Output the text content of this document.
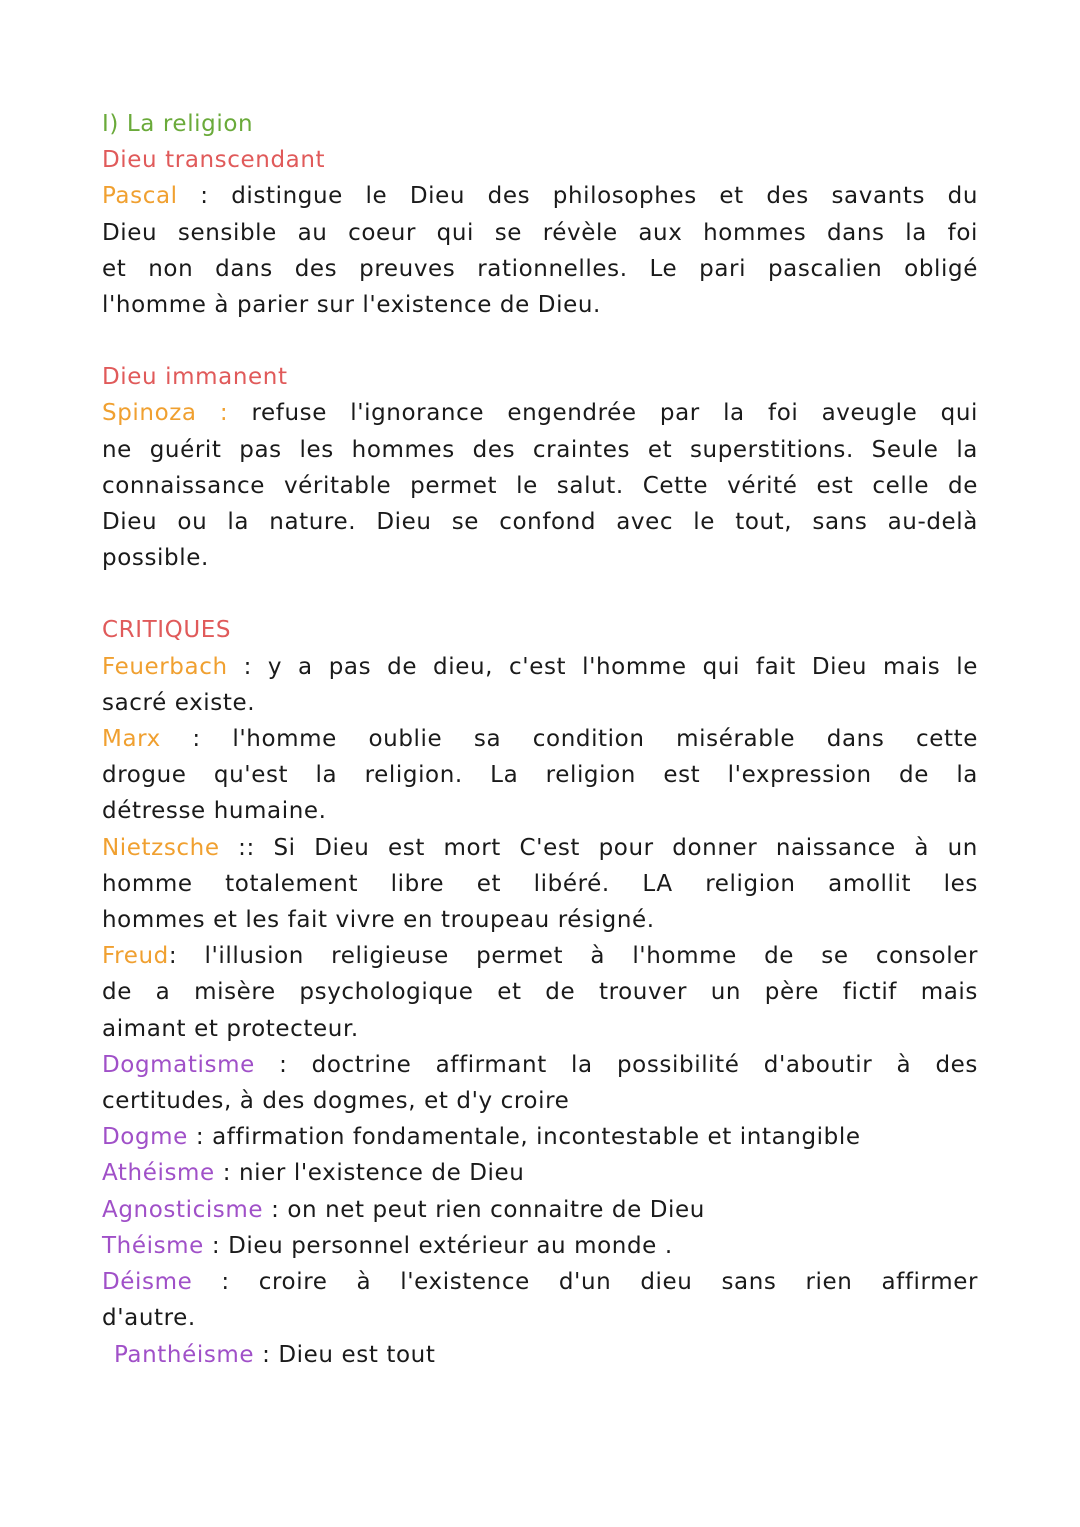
I) La religion
Dieu transcendant
Pascal : distingue le Dieu des philosophes et des savants du
Dieu sensible au coeur qui se révèle aux hommes dans la foi
et non dans des preuves rationnelles. Le pari pascalien obligé
l'homme à parier sur l'existence de Dieu.
Dieu immanent
Spinoza : refuse l'ignorance engendrée par la foi aveugle qui
ne guérit pas les hommes des craintes et superstitions. Seule la
connaissance véritable permet le salut. Cette vérité est celle de
Dieu ou la nature. Dieu se confond avec le tout, sans au-delà
possible.
CRITIQUES
Feuerbach : y a pas de dieu, c'est l'homme qui fait Dieu mais le
sacré existe.
Marx : l'homme oublie sa condition misérable dans cette
drogue qu'est la religion. La religion est l'expression de la
détresse humaine.
Nietzsche :: Si Dieu est mort C'est pour donner naissance à un
homme totalement libre et libéré. LA religion amollit les
hommes et les fait vivre en troupeau résigné.
Freud: l'illusion religieuse permet à l'homme de se consoler
de a misère psychologique et de trouver un père fictif mais
aimant et protecteur.
Dogmatisme : doctrine affirmant la possibilité d'aboutir à des
certitudes, à des dogmes, et d'y croire
Dogme : affirmation fondamentale, incontestable et intangible
Athéisme : nier l'existence de Dieu
Agnosticisme : on net peut rien connaitre de Dieu
Théisme : Dieu personnel extérieur au monde .
Déisme : croire à l'existence d'un dieu sans rien affirmer
d'autre.
Panthéisme : Dieu est tout
